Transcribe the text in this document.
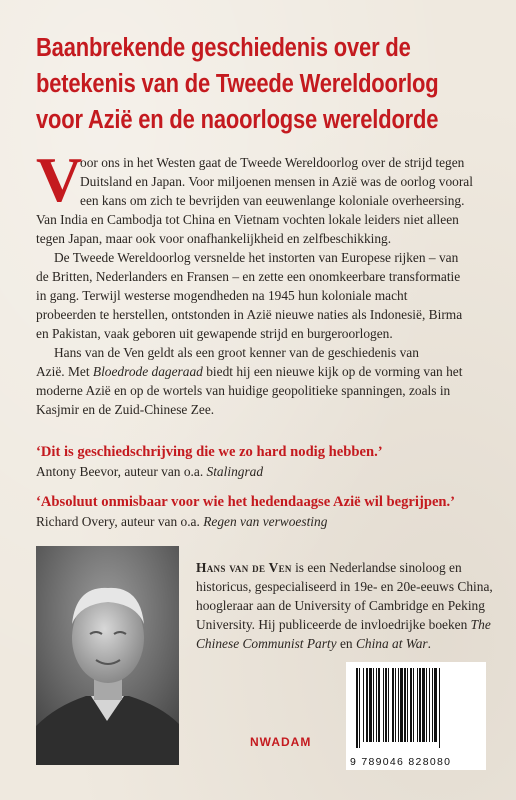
Baanbrekende geschiedenis over de
betekenis van de Tweede Wereldoorlog
voor Azië en de naoorlogse wereldorde
V
oor ons in het Westen gaat de Tweede Wereldoorlog over de strijd tegen
Duitsland en Japan. Voor miljoenen mensen in Azië was de oorlog vooral
een kans om zich te bevrijden van eeuwenlange koloniale overheersing.
Van India en Cambodja tot China en Vietnam vochten lokale leiders niet alleen
tegen Japan, maar ook voor onafhankelijkheid en zelfbeschikking.
De Tweede Wereldoorlog versnelde het instorten van Europese rijken – van
de Britten, Nederlanders en Fransen – en zette een onomkeerbare transformatie
in gang. Terwijl westerse mogendheden na 1945 hun koloniale macht
probeerden te herstellen, ontstonden in Azië nieuwe naties als Indonesië, Birma
en Pakistan, vaak geboren uit gewapende strijd en burgeroorlogen.
Hans van de Ven geldt als een groot kenner van de geschiedenis van
Azië. Met Bloedrode dageraad biedt hij een nieuwe kijk op de vorming van het
moderne Azië en op de wortels van huidige geopolitieke spanningen, zoals in
Kasjmir en de Zuid-Chinese Zee.
‘Dit is geschiedschrijving die we zo hard nodig hebben.’
Antony Beevor, auteur van o.a. Stalingrad
‘Absoluut onmisbaar voor wie het hedendaagse Azië wil begrijpen.’
Richard Overy, auteur van o.a. Regen van verwoesting
Hans van de Ven is een Nederlandse sinoloog en
historicus, gespecialiseerd in 19e- en 20e-eeuws China,
hoogleraar aan de University of Cambridge en Peking
University. Hij publiceerde de invloedrijke boeken The
Chinese Communist Party en China at War.
NWADAM
9 789046 828080
